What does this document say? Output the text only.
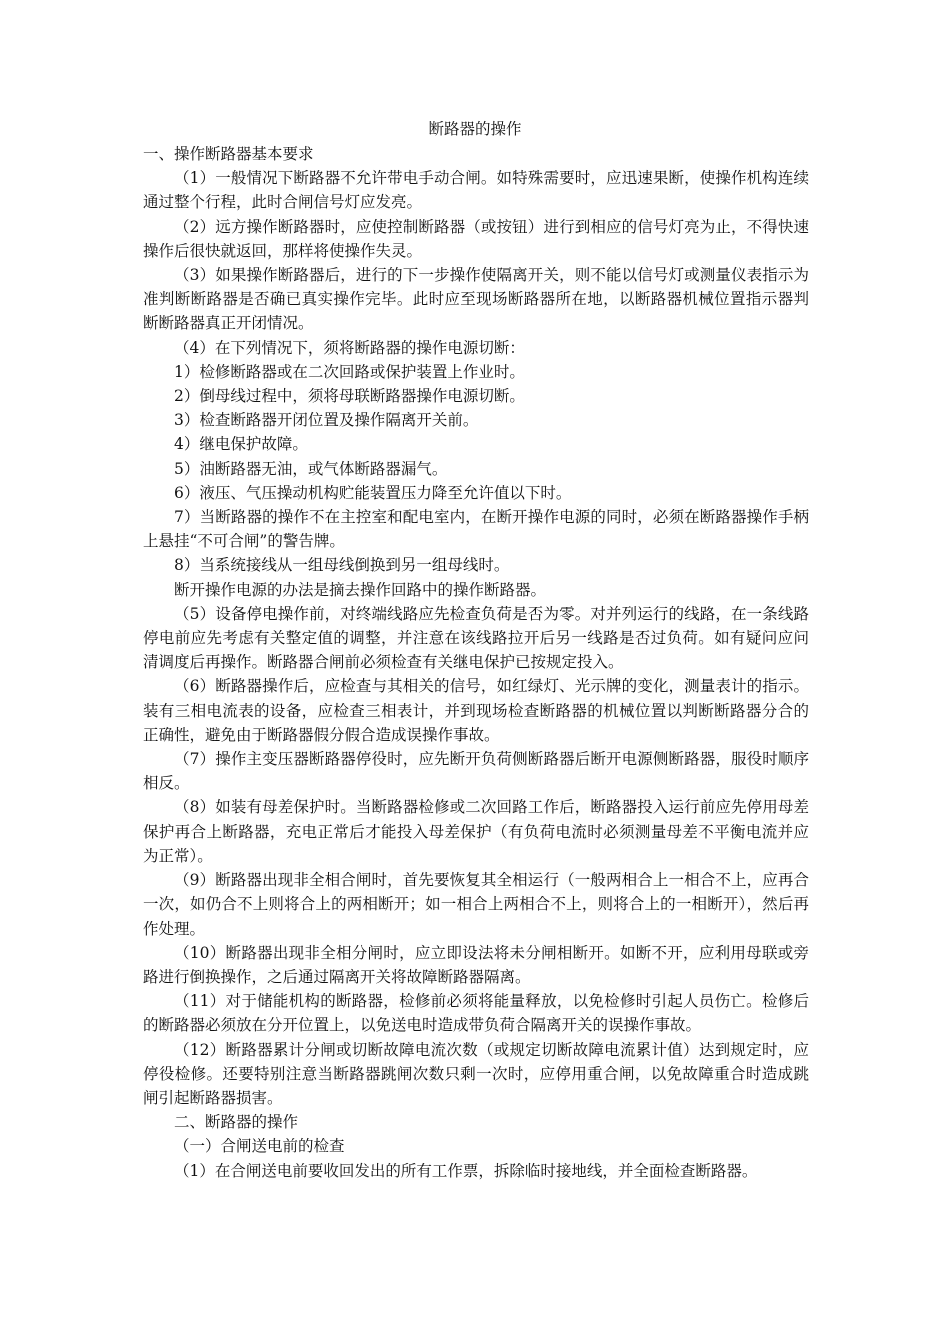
断路器的操作

一、操作断路器基本要求

（1）一般情况下断路器不允许带电手动合闸。如特殊需要时，应迅速果断，使操作机构连续通过整个行程，此时合闸信号灯应发亮。

（2）远方操作断路器时，应使控制断路器（或按钮）进行到相应的信号灯亮为止，不得快速操作后很快就返回，那样将使操作失灵。

（3）如果操作断路器后，进行的下一步操作使隔离开关，则不能以信号灯或测量仪表指示为准判断断路器是否确已真实操作完毕。此时应至现场断路器所在地，以断路器机械位置指示器判断断路器真正开闭情况。

（4）在下列情况下，须将断路器的操作电源切断：

1）检修断路器或在二次回路或保护装置上作业时。

2）倒母线过程中，须将母联断路器操作电源切断。

3）检查断路器开闭位置及操作隔离开关前。

4）继电保护故障。

5）油断路器无油，或气体断路器漏气。

6）液压、气压操动机构贮能装置压力降至允许值以下时。

7）当断路器的操作不在主控室和配电室内，在断开操作电源的同时，必须在断路器操作手柄上悬挂“不可合闸”的警告牌。

8）当系统接线从一组母线倒换到另一组母线时。

断开操作电源的办法是摘去操作回路中的操作断路器。

（5）设备停电操作前，对终端线路应先检查负荷是否为零。对并列运行的线路，在一条线路停电前应先考虑有关整定值的调整，并注意在该线路拉开后另一线路是否过负荷。如有疑问应问清调度后再操作。断路器合闸前必须检查有关继电保护已按规定投入。

（6）断路器操作后，应检查与其相关的信号，如红绿灯、光示牌的变化，测量表计的指示。装有三相电流表的设备，应检查三相表计，并到现场检查断路器的机械位置以判断断路器分合的正确性，避免由于断路器假分假合造成误操作事故。

（7）操作主变压器断路器停役时，应先断开负荷侧断路器后断开电源侧断路器，服役时顺序相反。

（8）如装有母差保护时。当断路器检修或二次回路工作后，断路器投入运行前应先停用母差保护再合上断路器，充电正常后才能投入母差保护（有负荷电流时必须测量母差不平衡电流并应为正常）。

（9）断路器出现非全相合闸时，首先要恢复其全相运行（一般两相合上一相合不上，应再合一次，如仍合不上则将合上的两相断开；如一相合上两相合不上，则将合上的一相断开），然后再作处理。

（10）断路器出现非全相分闸时，应立即设法将未分闸相断开。如断不开，应利用母联或旁路进行倒换操作，之后通过隔离开关将故障断路器隔离。

（11）对于储能机构的断路器，检修前必须将能量释放，以免检修时引起人员伤亡。检修后的断路器必须放在分开位置上，以免送电时造成带负荷合隔离开关的误操作事故。

（12）断路器累计分闸或切断故障电流次数（或规定切断故障电流累计值）达到规定时，应停役检修。还要特别注意当断路器跳闸次数只剩一次时，应停用重合闸，以免故障重合时造成跳闸引起断路器损害。

二、断路器的操作

（一）合闸送电前的检查

（1）在合闸送电前要收回发出的所有工作票，拆除临时接地线，并全面检查断路器。
